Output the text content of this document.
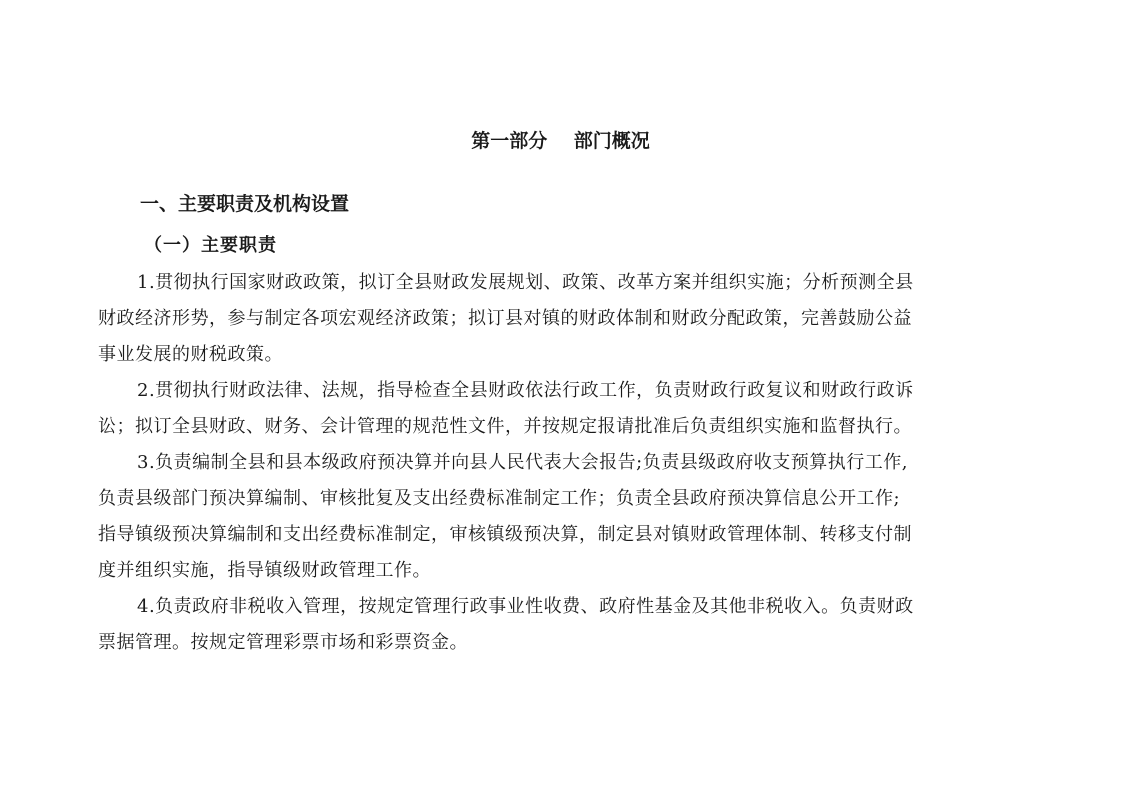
第一部分    部门概况
一、主要职责及机构设置
（一）主要职责

1.贯彻执行国家财政政策，拟订全县财政发展规划、政策、改革方案并组织实施；分析预测全县
财政经济形势，参与制定各项宏观经济政策；拟订县对镇的财政体制和财政分配政策，完善鼓励公益
事业发展的财税政策。

2.贯彻执行财政法律、法规，指导检查全县财政依法行政工作，负责财政行政复议和财政行政诉
讼；拟订全县财政、财务、会计管理的规范性文件，并按规定报请批准后负责组织实施和监督执行。

3.负责编制全县和县本级政府预决算并向县人民代表大会报告;负责县级政府收支预算执行工作,
负责县级部门预决算编制、审核批复及支出经费标准制定工作；负责全县政府预决算信息公开工作;
指导镇级预决算编制和支出经费标准制定，审核镇级预决算，制定县对镇财政管理体制、转移支付制
度并组织实施，指导镇级财政管理工作。

4.负责政府非税收入管理，按规定管理行政事业性收费、政府性基金及其他非税收入。负责财政
票据管理。按规定管理彩票市场和彩票资金。
